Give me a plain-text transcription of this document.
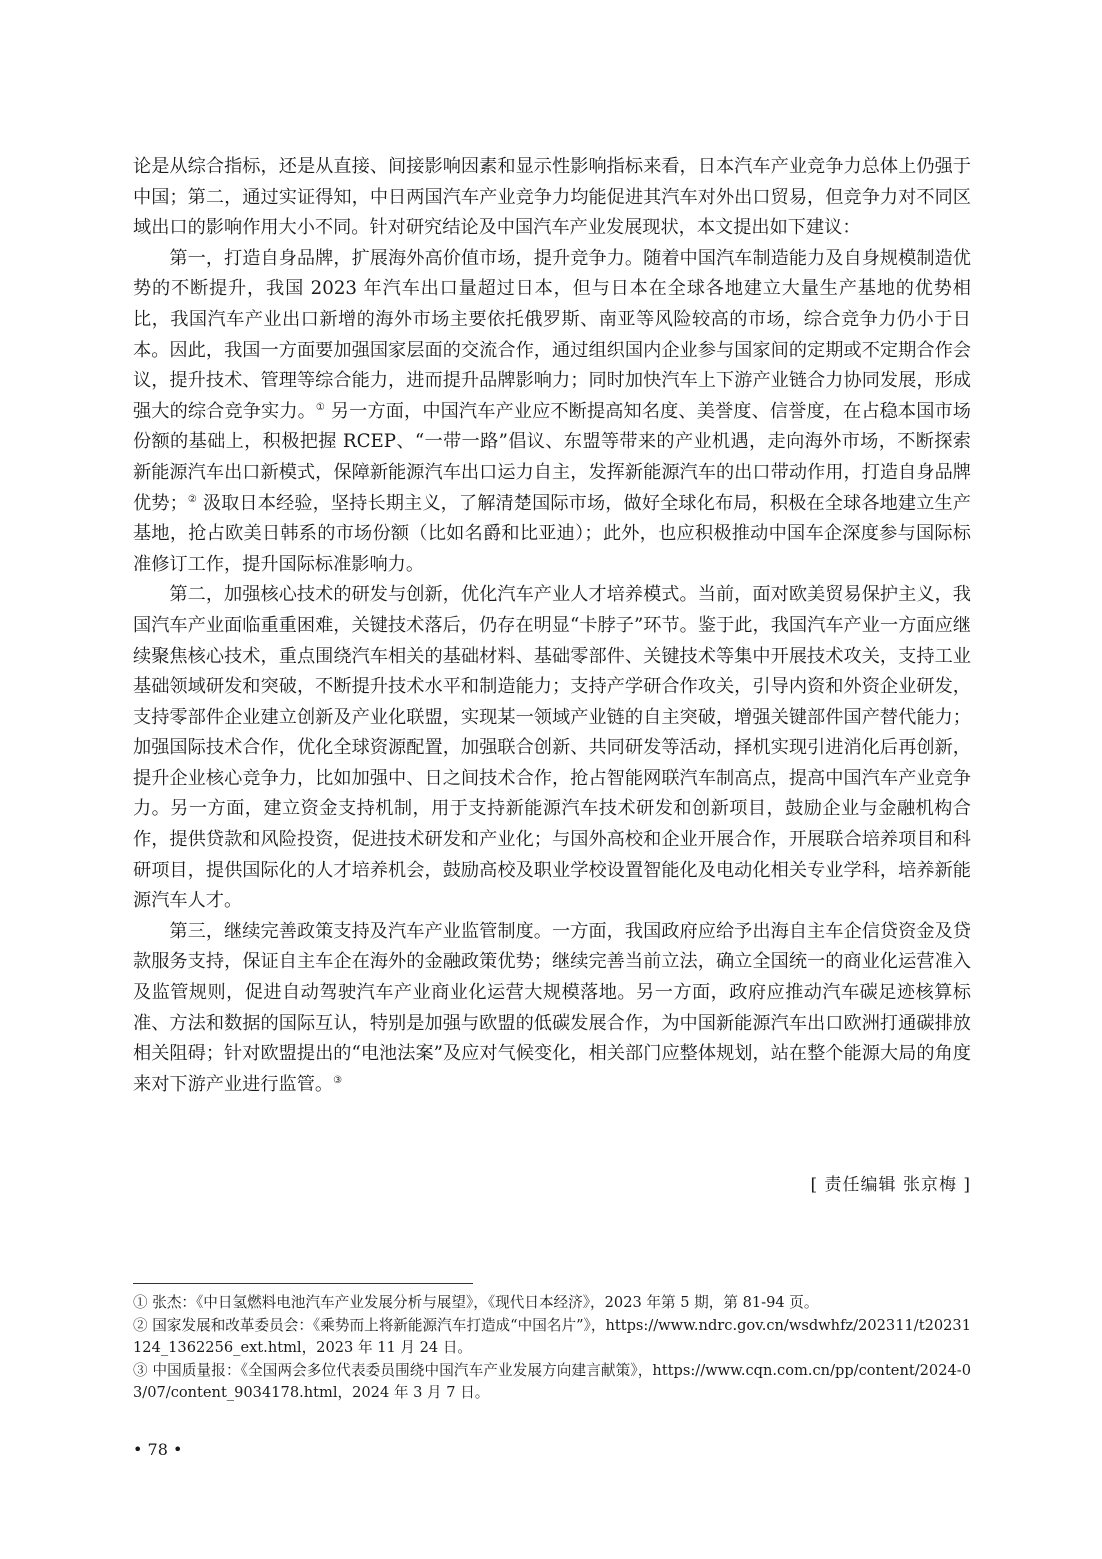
论是从综合指标，还是从直接、间接影响因素和显示性影响指标来看，日本汽车产业竞争力总体上仍强于中国；第二，通过实证得知，中日两国汽车产业竞争力均能促进其汽车对外出口贸易，但竞争力对不同区域出口的影响作用大小不同。针对研究结论及中国汽车产业发展现状，本文提出如下建议：

第一，打造自身品牌，扩展海外高价值市场，提升竞争力。随着中国汽车制造能力及自身规模制造优势的不断提升，我国 2023 年汽车出口量超过日本，但与日本在全球各地建立大量生产基地的优势相比，我国汽车产业出口新增的海外市场主要依托俄罗斯、南亚等风险较高的市场，综合竞争力仍小于日本。因此，我国一方面要加强国家层面的交流合作，通过组织国内企业参与国家间的定期或不定期合作会议，提升技术、管理等综合能力，进而提升品牌影响力；同时加快汽车上下游产业链合力协同发展，形成强大的综合竞争实力。① 另一方面，中国汽车产业应不断提高知名度、美誉度、信誉度，在占稳本国市场份额的基础上，积极把握 RCEP、“一带一路”倡议、东盟等带来的产业机遇，走向海外市场，不断探索新能源汽车出口新模式，保障新能源汽车出口运力自主，发挥新能源汽车的出口带动作用，打造自身品牌优势；② 汲取日本经验，坚持长期主义，了解清楚国际市场，做好全球化布局，积极在全球各地建立生产基地，抢占欧美日韩系的市场份额（比如名爵和比亚迪）；此外，也应积极推动中国车企深度参与国际标准修订工作，提升国际标准影响力。

第二，加强核心技术的研发与创新，优化汽车产业人才培养模式。当前，面对欧美贸易保护主义，我国汽车产业面临重重困难，关键技术落后，仍存在明显“卡脖子”环节。鉴于此，我国汽车产业一方面应继续聚焦核心技术，重点围绕汽车相关的基础材料、基础零部件、关键技术等集中开展技术攻关，支持工业基础领域研发和突破，不断提升技术水平和制造能力；支持产学研合作攻关，引导内资和外资企业研发，支持零部件企业建立创新及产业化联盟，实现某一领域产业链的自主突破，增强关键部件国产替代能力；加强国际技术合作，优化全球资源配置，加强联合创新、共同研发等活动，择机实现引进消化后再创新，提升企业核心竞争力，比如加强中、日之间技术合作，抢占智能网联汽车制高点，提高中国汽车产业竞争力。另一方面，建立资金支持机制，用于支持新能源汽车技术研发和创新项目，鼓励企业与金融机构合作，提供贷款和风险投资，促进技术研发和产业化；与国外高校和企业开展合作，开展联合培养项目和科研项目，提供国际化的人才培养机会，鼓励高校及职业学校设置智能化及电动化相关专业学科，培养新能源汽车人才。

第三，继续完善政策支持及汽车产业监管制度。一方面，我国政府应给予出海自主车企信贷资金及贷款服务支持，保证自主车企在海外的金融政策优势；继续完善当前立法，确立全国统一的商业化运营准入及监管规则，促进自动驾驶汽车产业商业化运营大规模落地。另一方面，政府应推动汽车碳足迹核算标准、方法和数据的国际互认，特别是加强与欧盟的低碳发展合作，为中国新能源汽车出口欧洲打通碳排放相关阻碍；针对欧盟提出的“电池法案”及应对气候变化，相关部门应整体规划，站在整个能源大局的角度来对下游产业进行监管。③

[ 责任编辑 张京梅 ]

① 张杰：《中日氢燃料电池汽车产业发展分析与展望》，《现代日本经济》，2023 年第 5 期，第 81-94 页。

② 国家发展和改革委员会：《乘势而上将新能源汽车打造成“中国名片”》，https://www.ndrc.gov.cn/wsdwhfz/202311/t20231124_1362256_ext.html，2023 年 11 月 24 日。

③ 中国质量报：《全国两会多位代表委员围绕中国汽车产业发展方向建言献策》，https://www.cqn.com.cn/pp/content/2024-03/07/content_9034178.html，2024 年 3 月 7 日。

• 78 •
